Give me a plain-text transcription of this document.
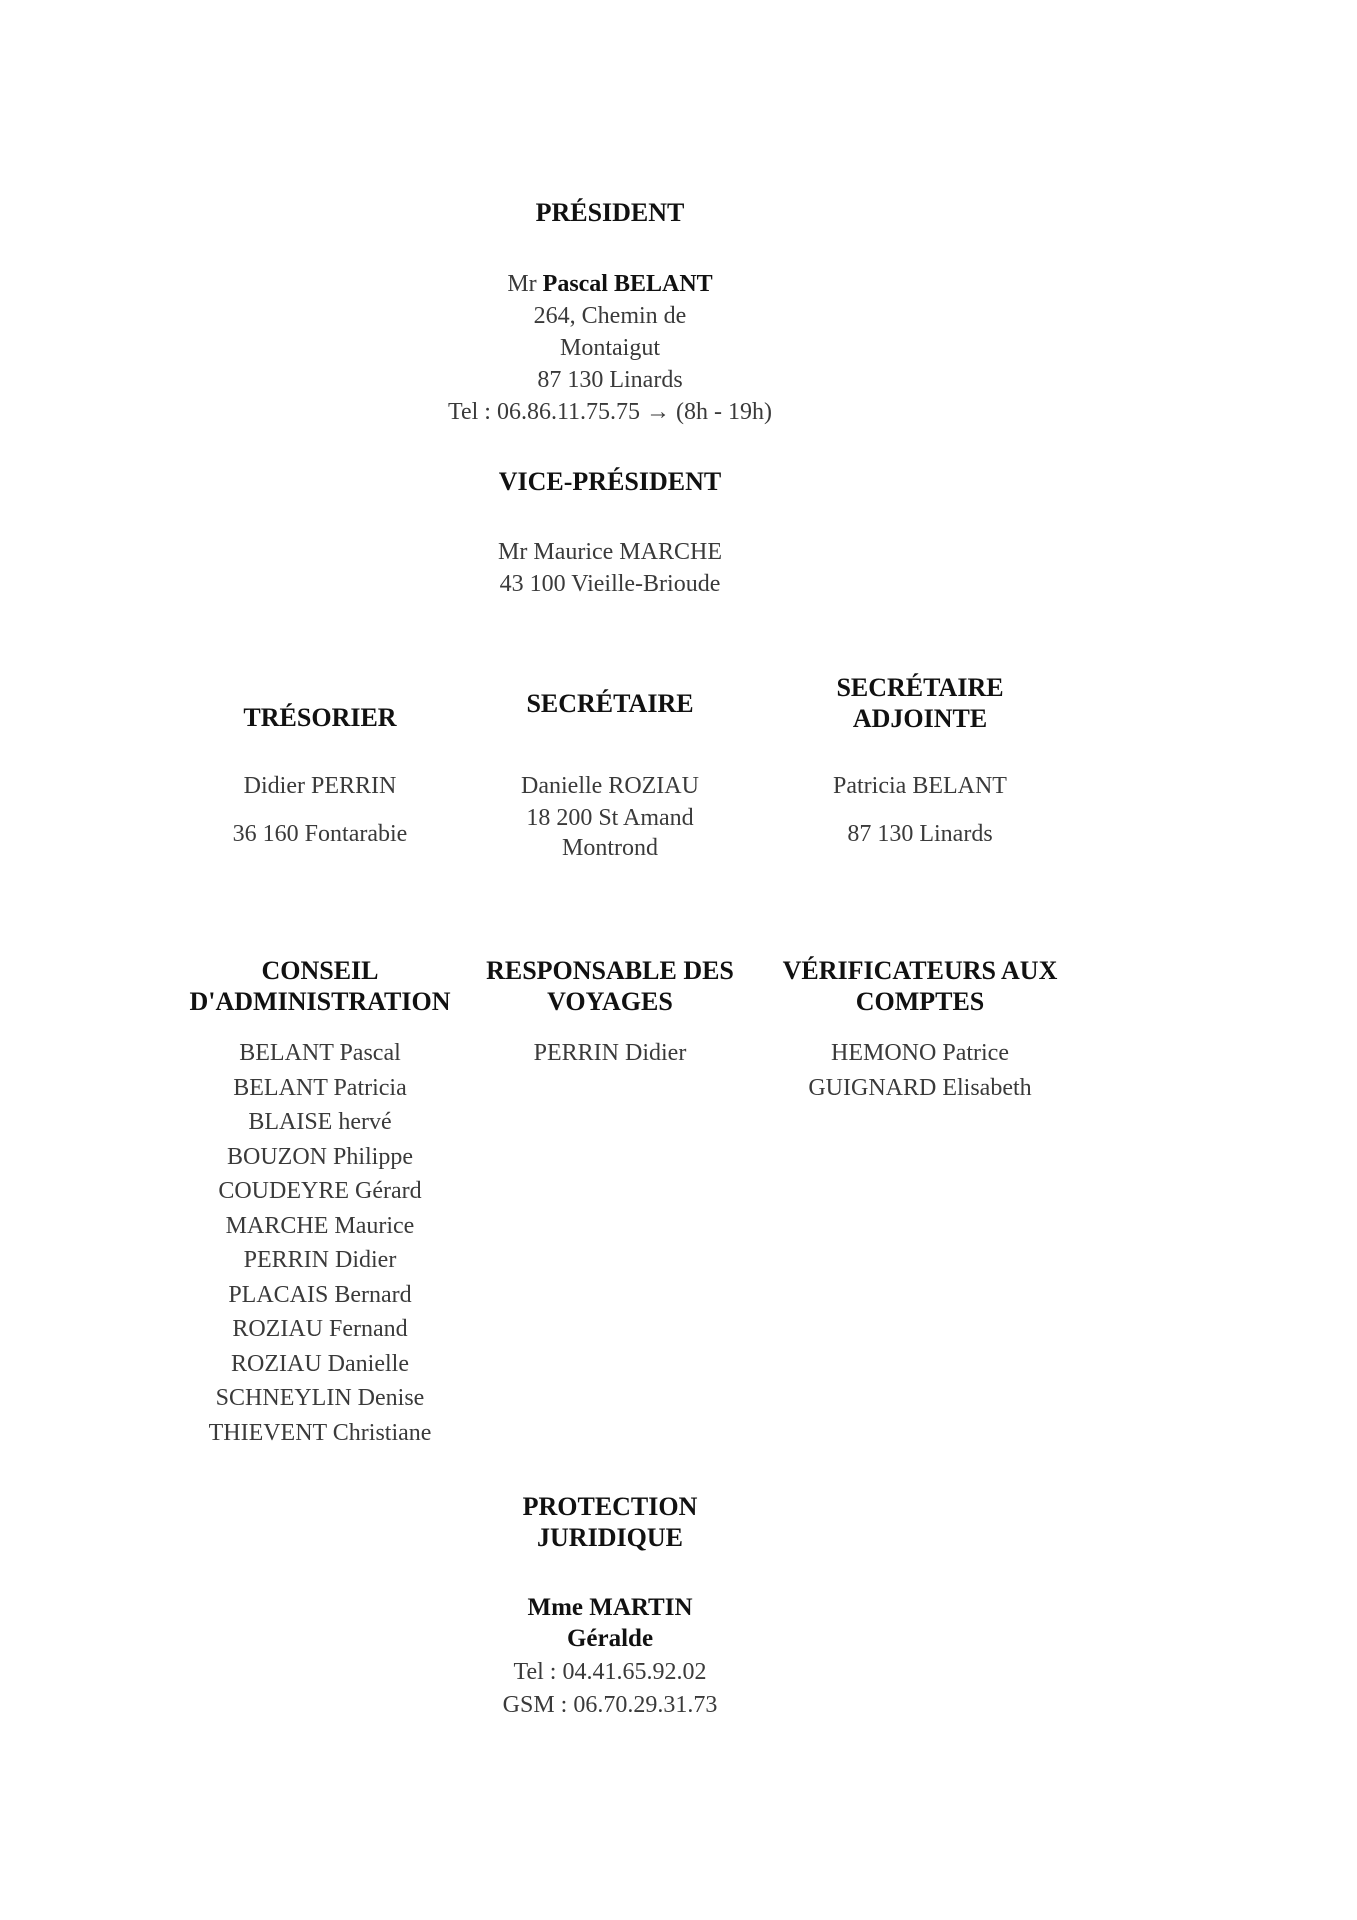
PRÉSIDENT
Mr Pascal BELANT
264, Chemin de
Montaigut
87 130 Linards
Tel : 06.86.11.75.75 → (8h - 19h)
VICE-PRÉSIDENT
Mr Maurice MARCHE
43 100 Vieille-Brioude
TRÉSORIER
Didier PERRIN
36 160 Fontarabie
SECRÉTAIRE
Danielle ROZIAU
18 200 St Amand
Montrond
SECRÉTAIRE
ADJOINTE
Patricia BELANT
87 130 Linards
CONSEIL
D'ADMINISTRATION
BELANT Pascal
BELANT Patricia
BLAISE hervé
BOUZON Philippe
COUDEYRE Gérard
MARCHE Maurice
PERRIN Didier
PLACAIS Bernard
ROZIAU Fernand
ROZIAU Danielle
SCHNEYLIN Denise
THIEVENT Christiane
RESPONSABLE DES
VOYAGES
PERRIN Didier
VÉRIFICATEURS AUX
COMPTES
HEMONO Patrice
GUIGNARD Elisabeth
PROTECTION
JURIDIQUE
Mme MARTIN
Géralde
Tel : 04.41.65.92.02
GSM : 06.70.29.31.73
